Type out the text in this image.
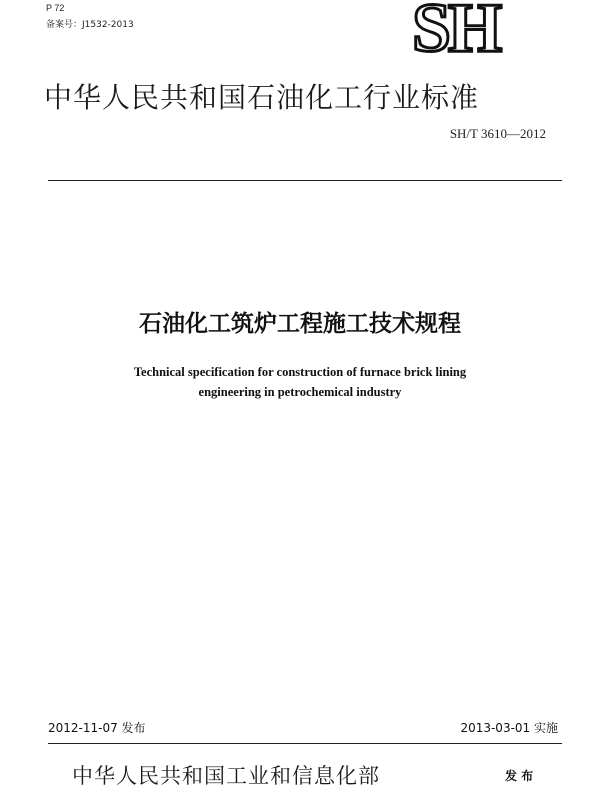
P 72
备案号：J1532-2013	SH
中华人民共和国石油化工行业标准
SH/T 3610—2012
石油化工筑炉工程施工技术规程
Technical specification for construction of furnace brick lining
engineering in petrochemical industry
2012-11-07 发布	2013-03-01 实施
中华人民共和国工业和信息化部	发 布
